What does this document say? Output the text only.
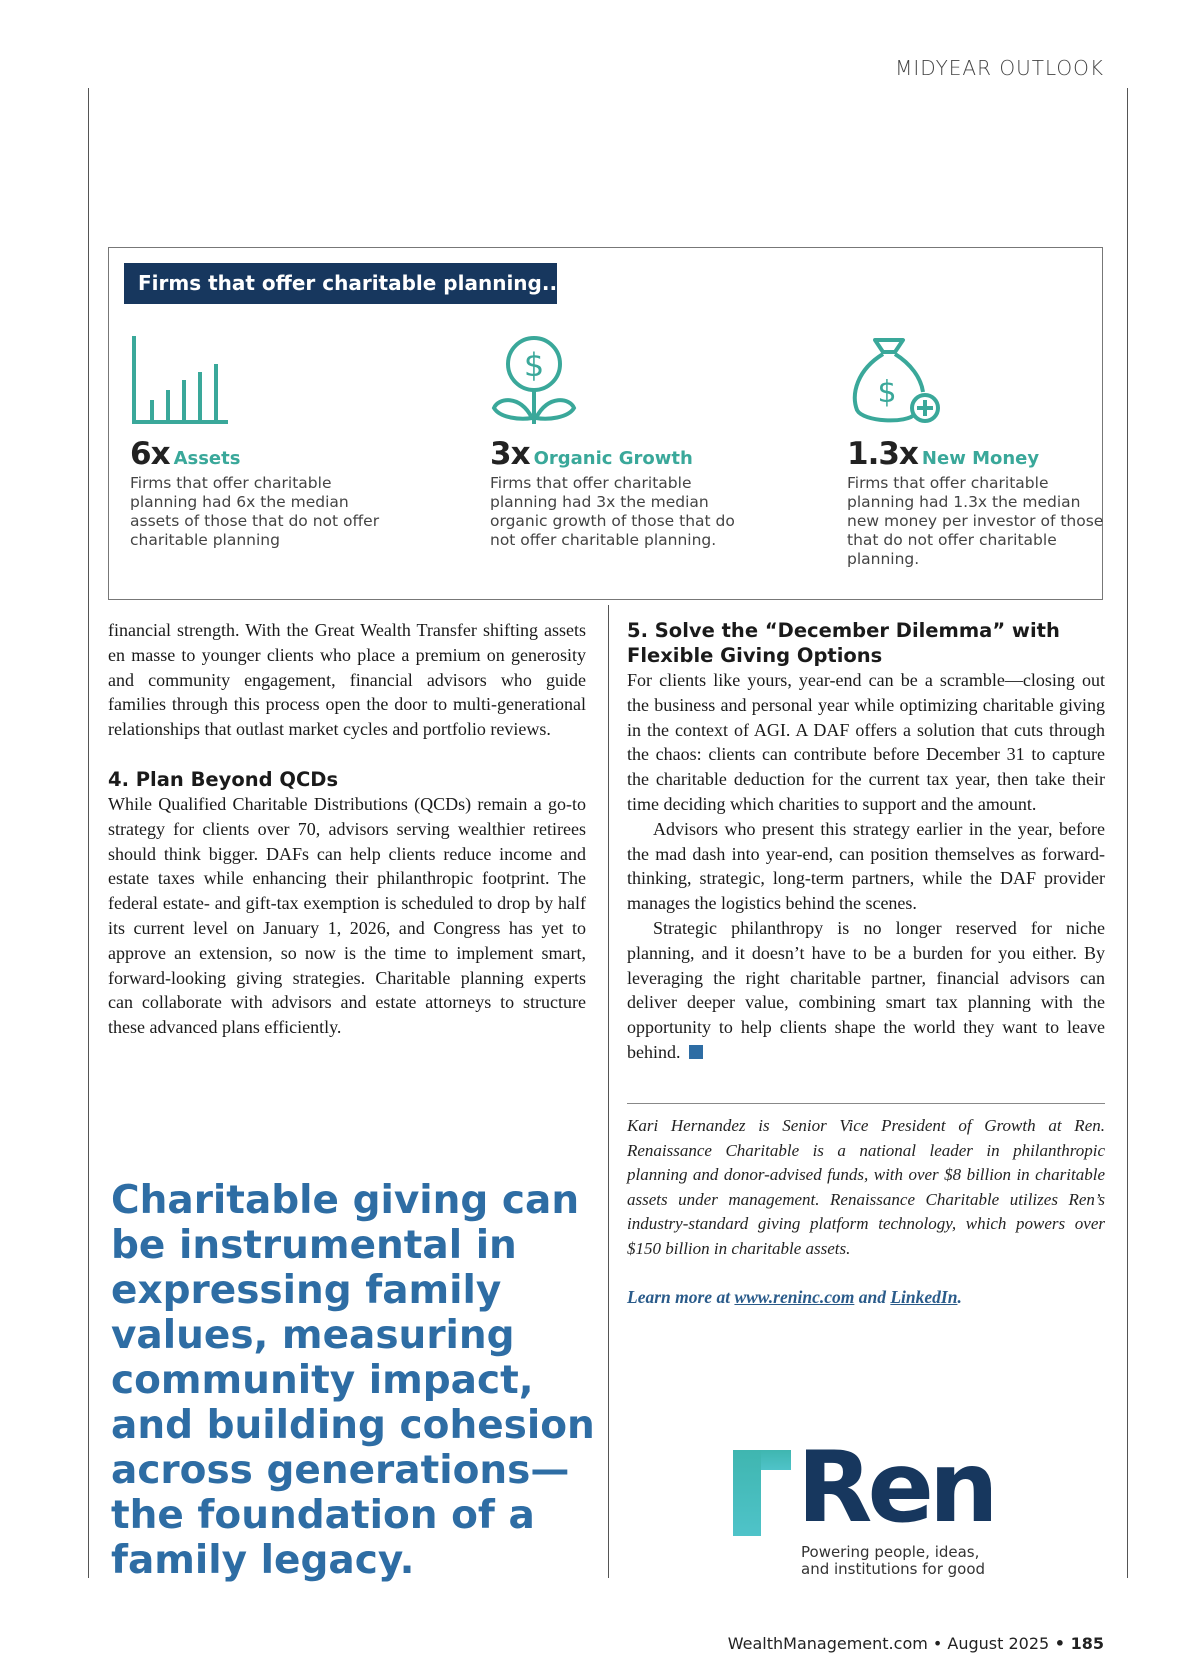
MIDYEAR OUTLOOK
Firms that offer charitable planning...
6x Assets
Firms that offer charitable planning had 6x the median assets of those that do not offer charitable planning
$
3x Organic Growth
Firms that offer charitable planning had 3x the median organic growth of those that do not offer charitable planning.
$
1.3x New Money
Firms that offer charitable planning had 1.3x the median new money per investor of those that do not offer charitable planning.

financial strength. With the Great Wealth Transfer shifting assets en masse to younger clients who place a premium on generosity and community engagement, financial advisors who guide families through this process open the door to multi-generational relationships that outlast market cycles and portfolio reviews.

4. Plan Beyond QCDs

While Qualified Charitable Distributions (QCDs) remain a go-to strategy for clients over 70, advisors serving wealthier retirees should think bigger. DAFs can help clients reduce income and estate taxes while enhancing their philanthropic footprint. The federal estate- and gift-tax exemption is scheduled to drop by half its current level on January 1, 2026, and Congress has yet to approve an extension, so now is the time to implement smart, forward-looking giving strategies. Charitable planning experts can collaborate with advisors and estate attorneys to structure these advanced plans efficiently.

Charitable giving can
be instrumental in
expressing family
values, measuring
community impact,
and building cohesion
across generations—
the foundation of a
family legacy.
5. Solve the “December Dilemma” with
Flexible Giving Options

For clients like yours, year-end can be a scramble—closing out the business and personal year while optimizing charitable giving in the context of AGI. A DAF offers a solution that cuts through the chaos: clients can contribute before December 31 to capture the charitable deduction for the current tax year, then take their time deciding which charities to support and the amount.

Advisors who present this strategy earlier in the year, before the mad dash into year-end, can position themselves as forward-thinking, strategic, long-term partners, while the DAF provider manages the logistics behind the scenes.

Strategic philanthropy is no longer reserved for niche planning, and it doesn’t have to be a burden for you either. By leveraging the right charitable partner, financial advisors can deliver deeper value, combining smart tax planning with the opportunity to help clients shape the world they want to leave behind.

Kari Hernandez is Senior Vice President of Growth at Ren. Renaissance Charitable is a national leader in philanthropic planning and donor-advised funds, with over $8 billion in charitable assets under management. Renaissance Charitable utilizes Ren’s industry-standard giving platform technology, which powers over $150 billion in charitable assets.

Learn more at www.reninc.com and LinkedIn.
Ren
Powering people, ideas,
and institutions for good
WealthManagement.com • August 2025 • 185
